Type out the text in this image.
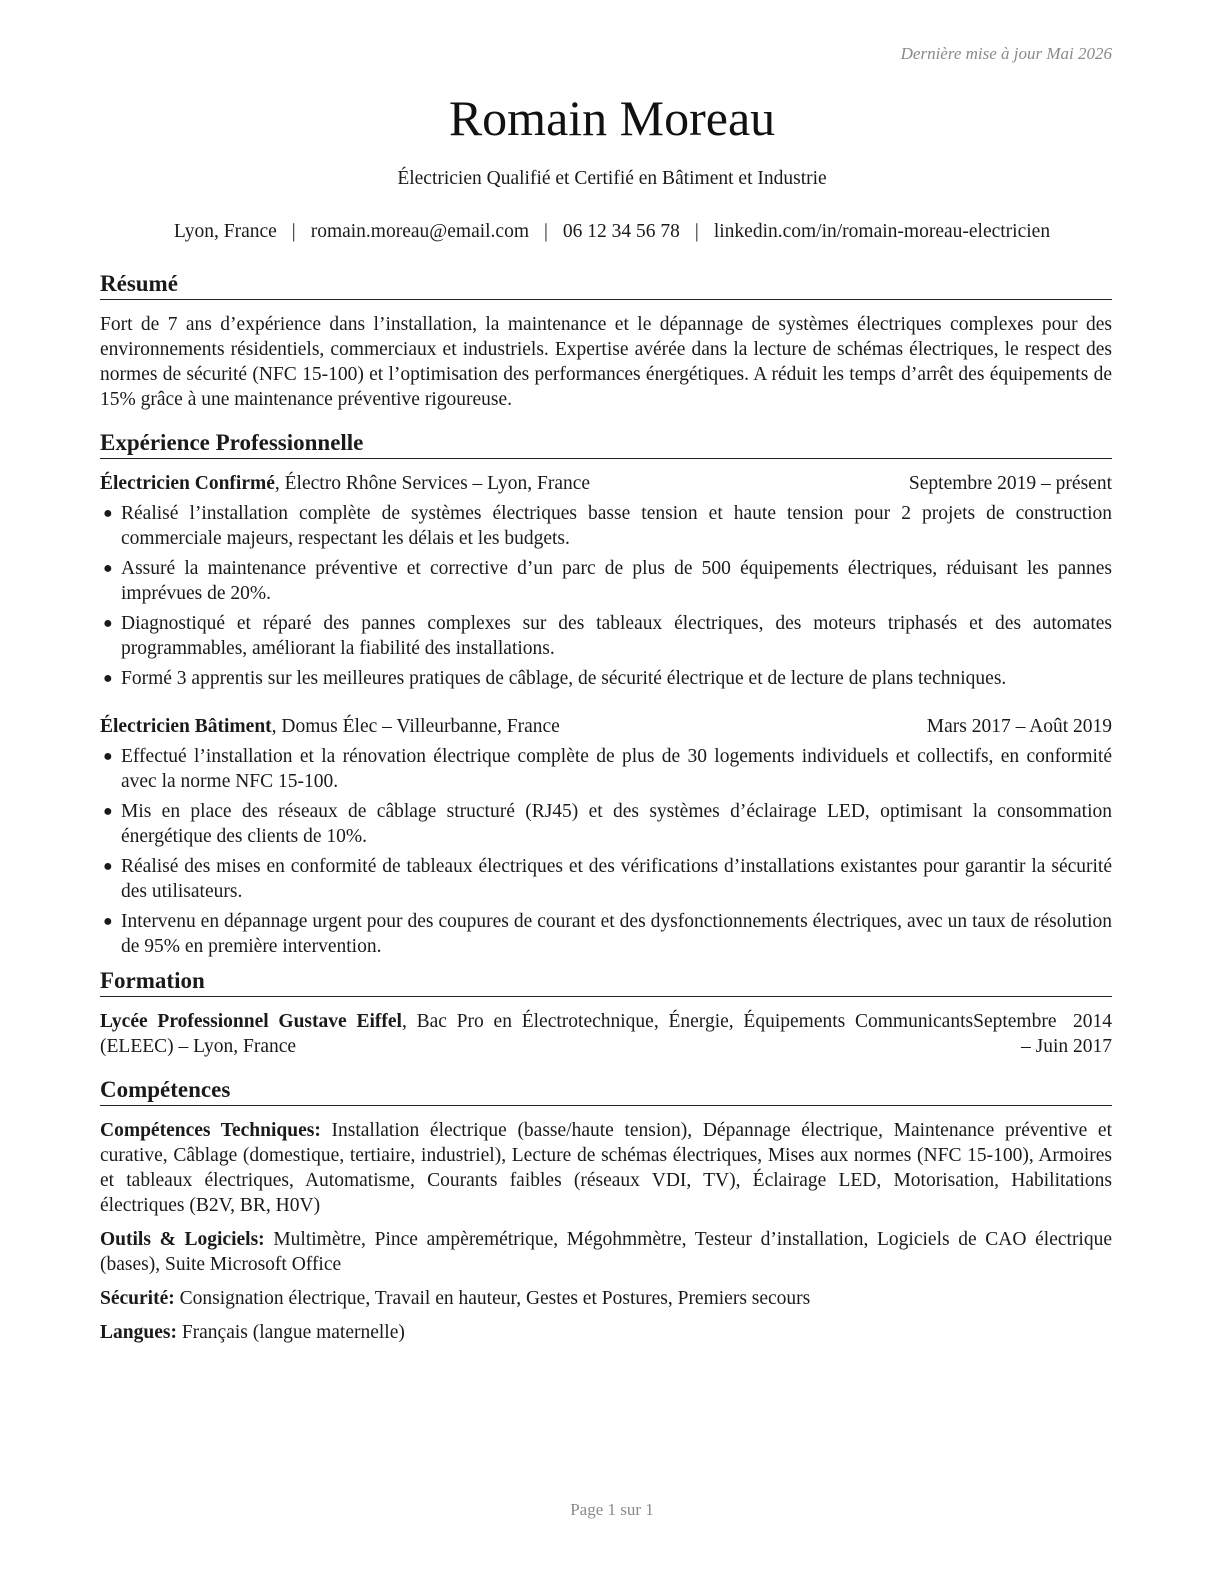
Dernière mise à jour Mai 2026
Romain Moreau
Électricien Qualifié et Certifié en Bâtiment et Industrie
Lyon, France | romain.moreau@email.com | 06 12 34 56 78 | linkedin.com/in/romain-moreau-electricien
Résumé

Fort de 7 ans d’expérience dans l’installation, la maintenance et le dépannage de systèmes électriques complexes pour des environnements résidentiels, commerciaux et industriels. Expertise avérée dans la lecture de schémas électriques, le respect des normes de sécurité (NFC 15-100) et l’optimisation des performances énergétiques. A réduit les temps d’arrêt des équipements de 15% grâce à une maintenance préventive rigoureuse.

Expérience Professionnelle
Électricien Confirmé, Électro Rhône Services – Lyon, France	Septembre 2019 – présent
● Réalisé l’installation complète de systèmes électriques basse tension et haute tension pour 2 projets de construction commerciale majeurs, respectant les délais et les budgets.
● Assuré la maintenance préventive et corrective d’un parc de plus de 500 équipements électriques, réduisant les pannes imprévues de 20%.
● Diagnostiqué et réparé des pannes complexes sur des tableaux électriques, des moteurs triphasés et des automates programmables, améliorant la fiabilité des installations.
● Formé 3 apprentis sur les meilleures pratiques de câblage, de sécurité électrique et de lecture de plans techniques.
Électricien Bâtiment, Domus Élec – Villeurbanne, France	Mars 2017 – Août 2019
● Effectué l’installation et la rénovation électrique complète de plus de 30 logements individuels et collectifs, en conformité avec la norme NFC 15-100.
● Mis en place des réseaux de câblage structuré (RJ45) et des systèmes d’éclairage LED, optimisant la consommation énergétique des clients de 10%.
● Réalisé des mises en conformité de tableaux électriques et des vérifications d’installations existantes pour garantir la sécurité des utilisateurs.
● Intervenu en dépannage urgent pour des coupures de courant et des dysfonctionnements électriques, avec un taux de résolution de 95% en première intervention.
Formation
Lycée Professionnel Gustave Eiffel, Bac Pro en Électrotechnique, Énergie, Équipements Communicants (ELEEC) – Lyon, France
Septembre 2014 – Juin 2017
Compétences

Compétences Techniques: Installation électrique (basse/haute tension), Dépannage électrique, Maintenance préventive et curative, Câblage (domestique, tertiaire, industriel), Lecture de schémas électriques, Mises aux normes (NFC 15-100), Armoires et tableaux électriques, Automatisme, Courants faibles (réseaux VDI, TV), Éclairage LED, Motorisation, Habilitations électriques (B2V, BR, H0V)

Outils & Logiciels: Multimètre, Pince ampèremétrique, Mégohmmètre, Testeur d’installation, Logiciels de CAO électrique (bases), Suite Microsoft Office

Sécurité: Consignation électrique, Travail en hauteur, Gestes et Postures, Premiers secours

Langues: Français (langue maternelle)

Page 1 sur 1
